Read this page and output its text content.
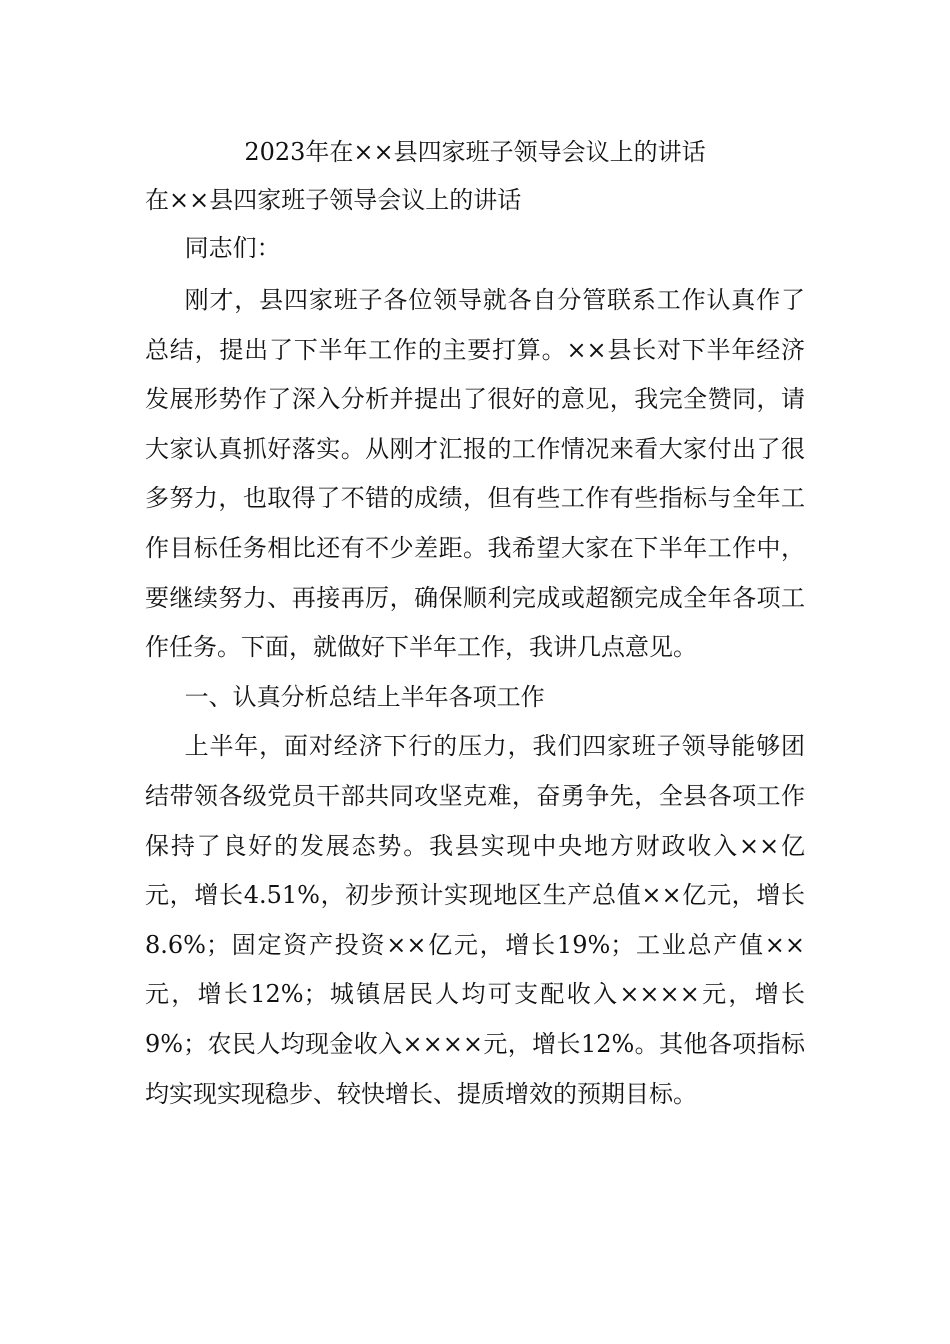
2023年在××县四家班子领导会议上的讲话
在××县四家班子领导会议上的讲话

同志们：

刚才，县四家班子各位领导就各自分管联系工作认真作了总结，提出了下半年工作的主要打算。××县长对下半年经济发展形势作了深入分析并提出了很好的意见，我完全赞同，请大家认真抓好落实。从刚才汇报的工作情况来看大家付出了很多努力，也取得了不错的成绩，但有些工作有些指标与全年工作目标任务相比还有不少差距。我希望大家在下半年工作中，要继续努力、再接再厉，确保顺利完成或超额完成全年各项工作任务。下面，就做好下半年工作，我讲几点意见。

一、认真分析总结上半年各项工作

上半年，面对经济下行的压力，我们四家班子领导能够团结带领各级党员干部共同攻坚克难，奋勇争先，全县各项工作保持了良好的发展态势。我县实现中央地方财政收入××亿元，增长4.51%，初步预计实现地区生产总值××亿元，增长8.6%；固定资产投资××亿元，增长19%；工业总产值××元，增长12%；城镇居民人均可支配收入××××元，增长9%；农民人均现金收入××××元，增长12%。其他各项指标均实现实现稳步、较快增长、提质增效的预期目标。
